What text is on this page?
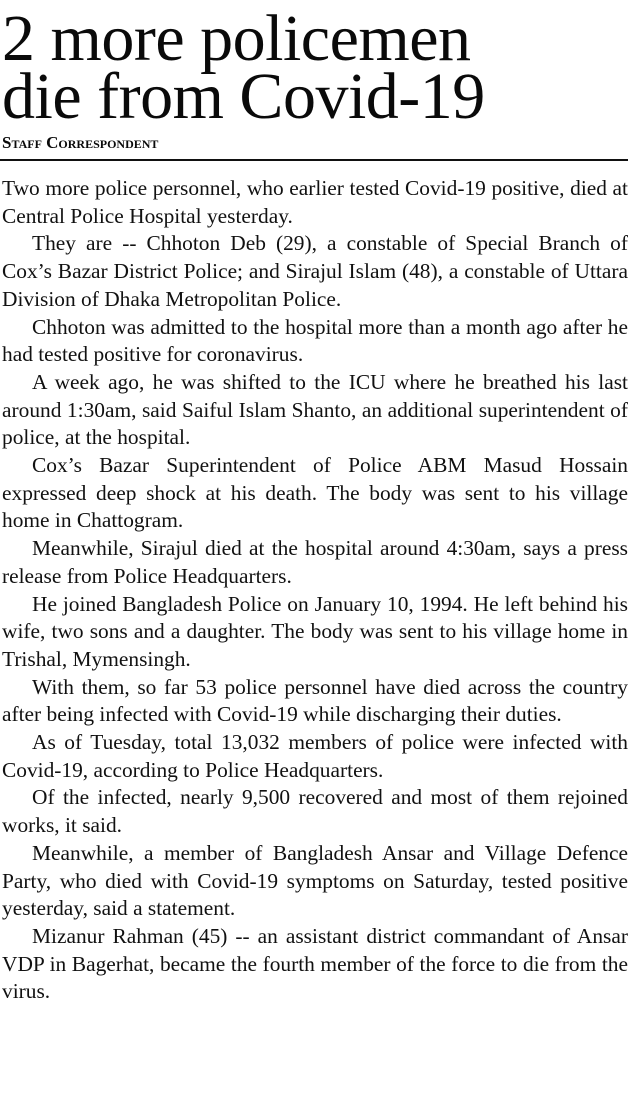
2 more policemen
die from Covid-19
Staff Correspondent

Two more police personnel, who earlier tested Covid-19 positive, died at Central Police Hospital yesterday.

They are -- Chhoton Deb (29), a constable of Special Branch of Cox’s Bazar District Police; and Sirajul Islam (48), a constable of Uttara Division of Dhaka Metropolitan Police.

Chhoton was admitted to the hospital more than a month ago after he had tested positive for coronavirus.

A week ago, he was shifted to the ICU where he breathed his last around 1:30am, said Saiful Islam Shanto, an additional superintendent of police, at the hospital.

Cox’s Bazar Superintendent of Police ABM Masud Hossain expressed deep shock at his death. The body was sent to his village home in Chattogram.

Meanwhile, Sirajul died at the hospital around 4:30am, says a press release from Police Headquarters.

He joined Bangladesh Police on January 10, 1994. He left behind his wife, two sons and a daughter. The body was sent to his village home in Trishal, Mymensingh.

With them, so far 53 police personnel have died across the country after being infected with Covid-19 while discharging their duties.

As of Tuesday, total 13,032 members of police were infected with Covid-19, according to Police Headquarters.

Of the infected, nearly 9,500 recovered and most of them rejoined works, it said.

Meanwhile, a member of Bangladesh Ansar and Village Defence Party, who died with Covid-19 symptoms on Saturday, tested positive yesterday, said a statement.

Mizanur Rahman (45) -- an assistant district commandant of Ansar VDP in Bagerhat, became the fourth member of the force to die from the virus.
